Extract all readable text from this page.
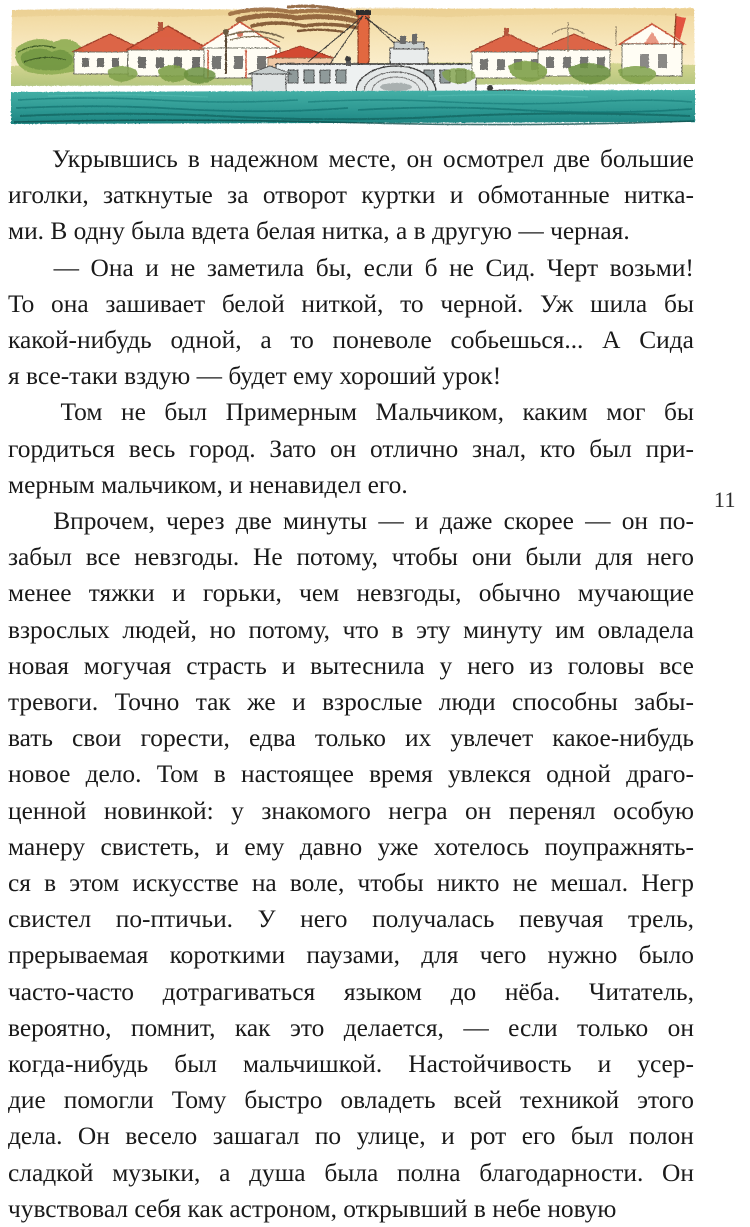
11
Укрывшись в надежном месте, он осмотрел две большие
иголки, заткнутые за отворот куртки и обмотанные нитка-
ми. В одну была вдета белая нитка, а в другую — черная.
— Она и не заметила бы, если б не Сид. Черт возьми!
То она зашивает белой ниткой, то черной. Уж шила бы
какой-нибудь одной, а то поневоле собьешься... А Сида
я все-таки вздую — будет ему хороший урок!
Том не был Примерным Мальчиком, каким мог бы
гордиться весь город. Зато он отлично знал, кто был при-
мерным мальчиком, и ненавидел его.
Впрочем, через две минуты — и даже скорее — он по-
забыл все невзгоды. Не потому, чтобы они были для него
менее тяжки и горьки, чем невзгоды, обычно мучающие
взрослых людей, но потому, что в эту минуту им овладела
новая могучая страсть и вытеснила у него из головы все
тревоги. Точно так же и взрослые люди способны забы-
вать свои горести, едва только их увлечет какое-нибудь
новое дело. Том в настоящее время увлекся одной драго-
ценной новинкой: у знакомого негра он перенял особую
манеру свистеть, и ему давно уже хотелось поупражнять-
ся в этом искусстве на воле, чтобы никто не мешал. Негр
свистел по-птичьи. У него получалась певучая трель,
прерываемая короткими паузами, для чего нужно было
часто-часто дотрагиваться языком до нёба. Читатель,
вероятно, помнит, как это делается, — если только он
когда-нибудь был мальчишкой. Настойчивость и усер-
дие помогли Тому быстро овладеть всей техникой этого
дела. Он весело зашагал по улице, и рот его был полон
сладкой музыки, а душа была полна благодарности. Он
чувствовал себя как астроном, открывший в небе новую
